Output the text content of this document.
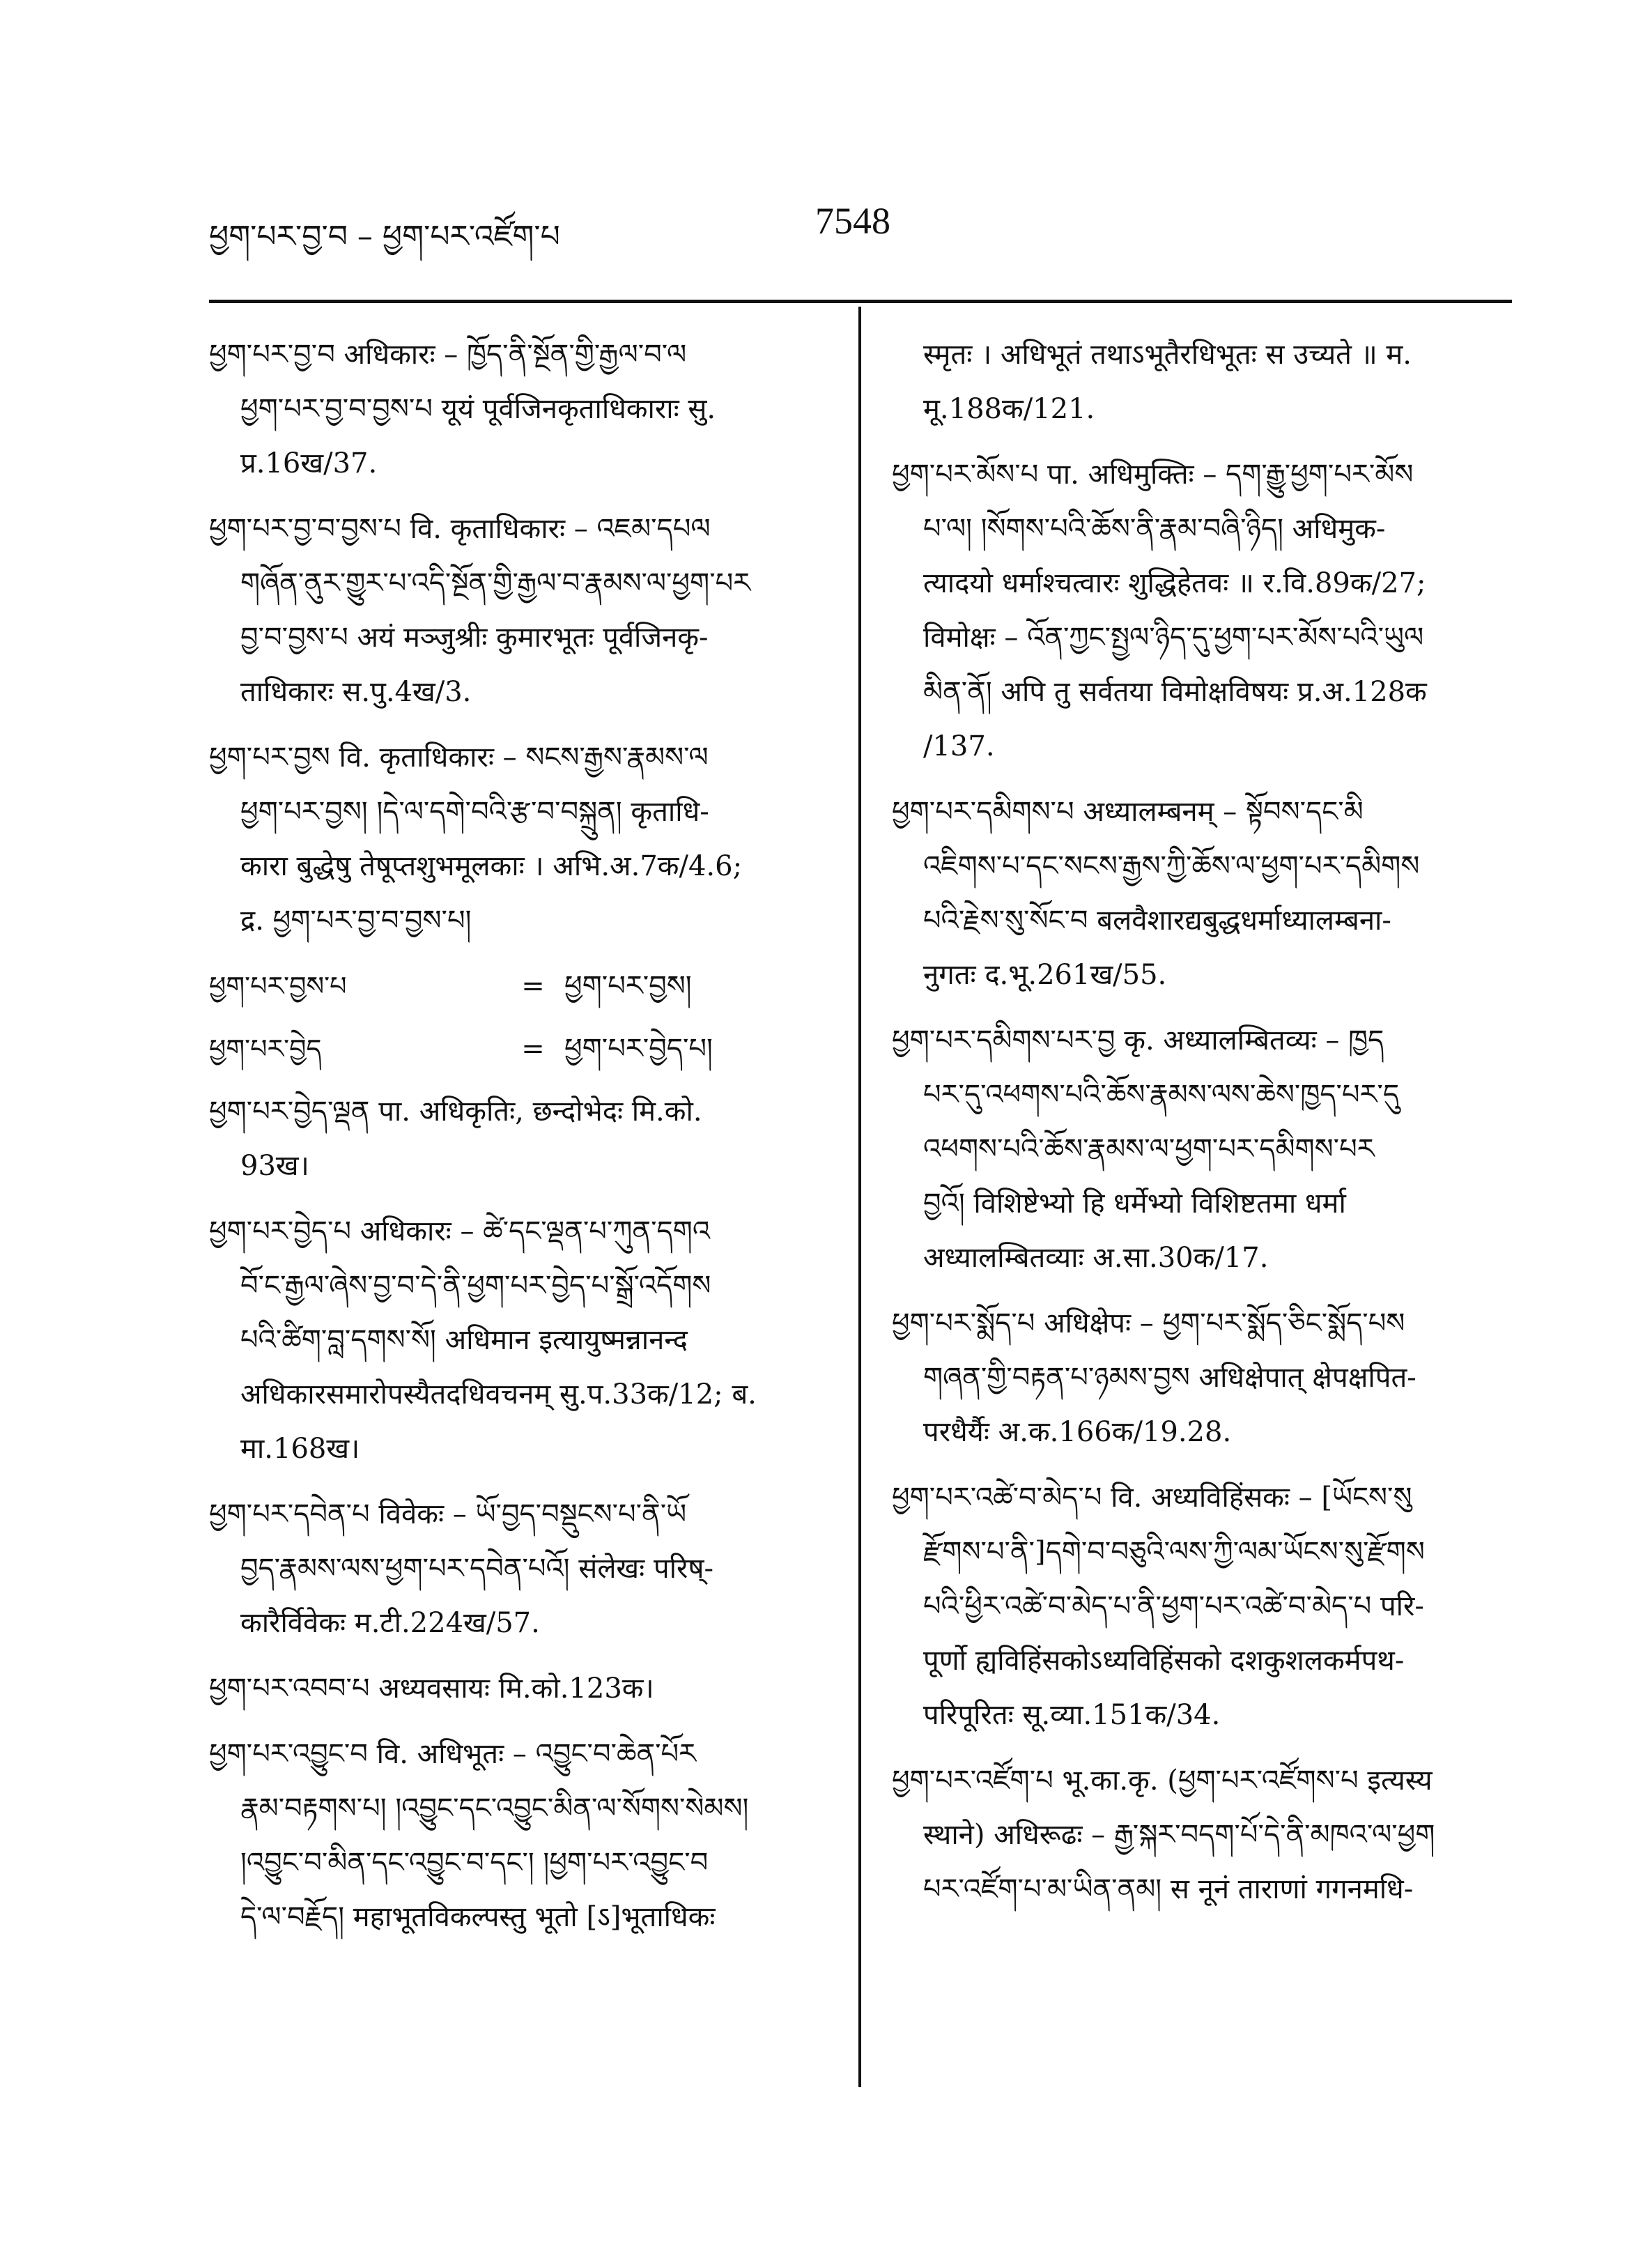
ཕྱག་པར་བྱ་བ – ཕྱག་པར་འཛོག་པ	7548
ཕྱག་པར་བྱ་བ अधिकारः – ཁྱོད་ནི་སྔོན་གྱི་རྒྱལ་བ་ལ
ཕྱག་པར་བྱ་བ་བྱས་པ यूयं पूर्वजिनकृताधिकाराः सु.
प्र.16ख/37.
ཕྱག་པར་བྱ་བ་བྱས་པ वि. कृताधिकारः – འཇམ་དཔལ
གཞོན་ནུར་གྱུར་པ་འདི་སྔོན་གྱི་རྒྱལ་བ་རྣམས་ལ་ཕྱག་པར
བྱ་བ་བྱས་པ अयं मञ्जुश्रीः कुमारभूतः पूर्वजिनकृ-
ताधिकारः स.पु.4ख/3.
ཕྱག་པར་བྱས वि. कृताधिकारः – སངས་རྒྱས་རྣམས་ལ
ཕྱག་པར་བྱས། །དེ་ལ་དགེ་བའི་རྩ་བ་བསྐྲུན། कृताधि-
कारा बुद्धेषु तेषूप्तशुभमूलकाः । अभि.अ.7क/4.6;
द्र. ཕྱག་པར་བྱ་བ་བྱས་པ།
ཕྱག་པར་བྱས་པ	= ཕྱག་པར་བྱས།
ཕྱག་པར་བྱེད	= ཕྱག་པར་བྱེད་པ།
ཕྱག་པར་བྱེད་ལྡན पा. अधिकृतिः, छन्दोभेदः मि.को.
93ख।
ཕྱག་པར་བྱེད་པ अधिकारः – ཚེ་དང་ལྡན་པ་ཀུན་དགའ
བོ་ང་རྒྱལ་ཞེས་བྱ་བ་དེ་ནི་ཕྱག་པར་བྱེད་པ་སྒྲོ་འདོགས
པའི་ཚིག་བླ་དགས་སོ། अधिमान इत्यायुष्मन्नानन्द
अधिकारसमारोपस्यैतदधिवचनम् सु.प.33क/12; ब.
मा.168ख।
ཕྱག་པར་དབེན་པ विवेकः – ཡོ་བྱད་བསྡུངས་པ་ནི་ཡོ
བྱད་རྣམས་ལས་ཕྱག་པར་དབེན་པའོ། संलेखः परिष्-
कारैर्विवेकः म.टी.224ख/57.
ཕྱག་པར་འབབ་པ अध्यवसायः मि.को.123क।
ཕྱག་པར་འབྱུང་བ वि. अधिभूतः – འབྱུང་བ་ཆེན་པོར
རྣམ་བརྟགས་པ། །འབྱུང་དང་འབྱུང་མིན་ལ་སོགས་སེམས།
།འབྱུང་བ་མིན་དང་འབྱུང་བ་དང་། །ཕྱག་པར་འབྱུང་བ
དེ་ལ་བརྗོད། महाभूतविकल्पस्तु भूतो [ऽ]भूताधिकः
स्मृतः । अधिभूतं तथाऽभूतैरधिभूतः स उच्यते ॥ म.
मू.188क/121.
ཕྱག་པར་མོས་པ पा. अधिमुक्तिः – དག་རྒྱུ་ཕྱག་པར་མོས
པ་ལ། །སོགས་པའི་ཆོས་ནི་རྣམ་བཞི་ཉིད། अधिमुक-
त्यादयो धर्माश्चत्वारः शुद्धिहेतवः ॥ र.वि.89क/27;
विमोक्षः – འོན་ཀྱང་སྤྱལ་ཉིད་དུ་ཕྱག་པར་མོས་པའི་ཡུལ
མིན་ནོ། अपि तु सर्वतया विमोक्षविषयः प्र.अ.128क
/137.
ཕྱག་པར་དམིགས་པ अध्यालम्बनम् – སྟོབས་དང་མི
འཇིགས་པ་དང་སངས་རྒྱས་ཀྱི་ཆོས་ལ་ཕྱག་པར་དམིགས
པའི་རྗེས་སུ་སོང་བ बलवैशारद्यबुद्धधर्माध्यालम्बना-
नुगतः द.भू.261ख/55.
ཕྱག་པར་དམིགས་པར་བྱ कृ. अध्यालम्बितव्यः – ཁྱད
པར་དུ་འཕགས་པའི་ཆོས་རྣམས་ལས་ཆེས་ཁྱད་པར་དུ
འཕགས་པའི་ཆོས་རྣམས་ལ་ཕྱག་པར་དམིགས་པར
བྱའོ། विशिष्टेभ्यो हि धर्मेभ्यो विशिष्टतमा धर्मा
अध्यालम्बितव्याः अ.सा.30क/17.
ཕྱག་པར་སྨོད་པ अधिक्षेपः – ཕྱག་པར་སྨོད་ཅིང་སྨོད་པས
གཞན་གྱི་བརྟན་པ་ཉམས་བྱས अधिक्षेपात् क्षेपक्षपित-
परधैर्यैः अ.क.166क/19.28.
ཕྱག་པར་འཚེ་བ་མེད་པ वि. अध्यविहिंसकः – [ཡོངས་སུ
རྫོགས་པ་ནི་]དགེ་བ་བཅུའི་ལས་ཀྱི་ལམ་ཡོངས་སུ་རྫོགས
པའི་ཕྱིར་འཚེ་བ་མེད་པ་ནི་ཕྱག་པར་འཚེ་བ་མེད་པ परि-
पूर्णो ह्यविहिंसकोऽध्यविहिंसको दशकुशलकर्मपथ-
परिपूरितः सू.व्या.151क/34.
ཕྱག་པར་འཛོག་པ भू.का.कृ. (ཕྱག་པར་འཛོགས་པ इत्यस्य
स्थाने) अधिरूढः – རྒྱ་སྐར་བདག་པོ་དེ་ནི་མཁའ་ལ་ཕྱག
པར་འཛོག་པ་མ་ཡིན་ནམ། स नूनं ताराणां गगनमधि-
